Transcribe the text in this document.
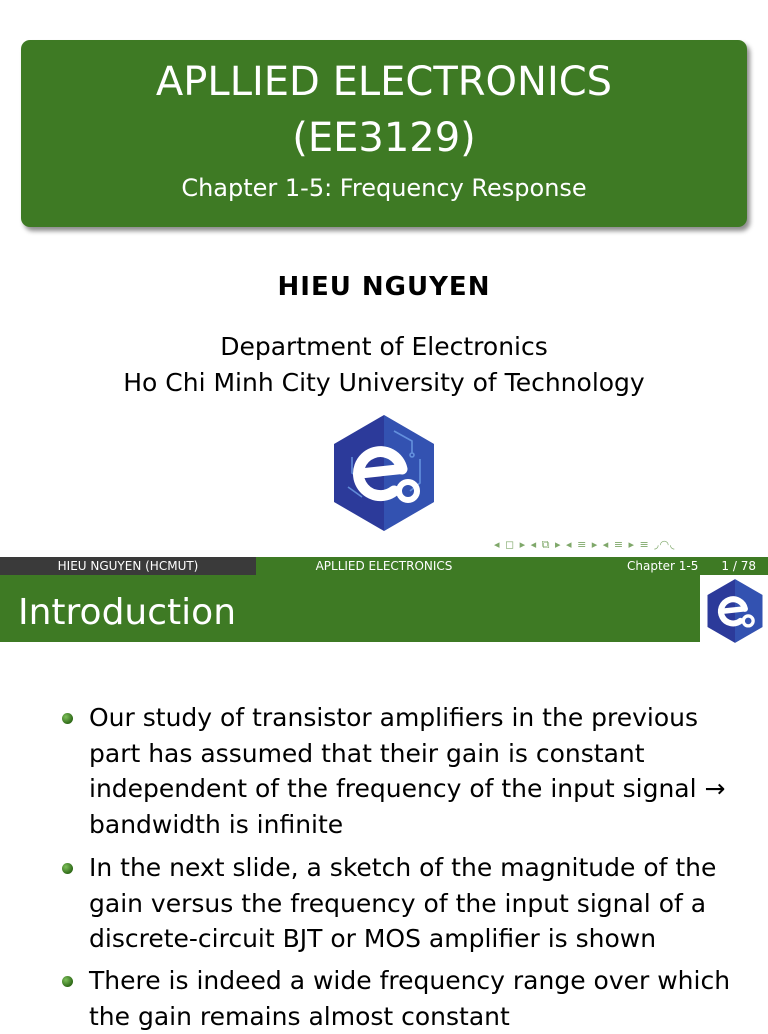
APLLIED ELECTRONICS
(EE3129)
Chapter 1-5: Frequency Response
HIEU NGUYEN
Department of Electronics
Ho Chi Minh City University of Technology
◂ ◻ ▸ ◂ ⧉ ▸ ◂ ≡ ▸ ◂ ≡ ▸ ≡ ◞◠◟
HIEU NGUYEN (HCMUT)	APLLIED ELECTRONICS	Chapter 1-5 1 / 78
Introduction
Our study of transistor amplifiers in the previous part has assumed that their gain is constant independent of the frequency of the input signal → bandwidth is infinite
In the next slide, a sketch of the magnitude of the gain versus the frequency of the input signal of a discrete-circuit BJT or MOS amplifier is shown
There is indeed a wide frequency range over which the gain remains almost constant
